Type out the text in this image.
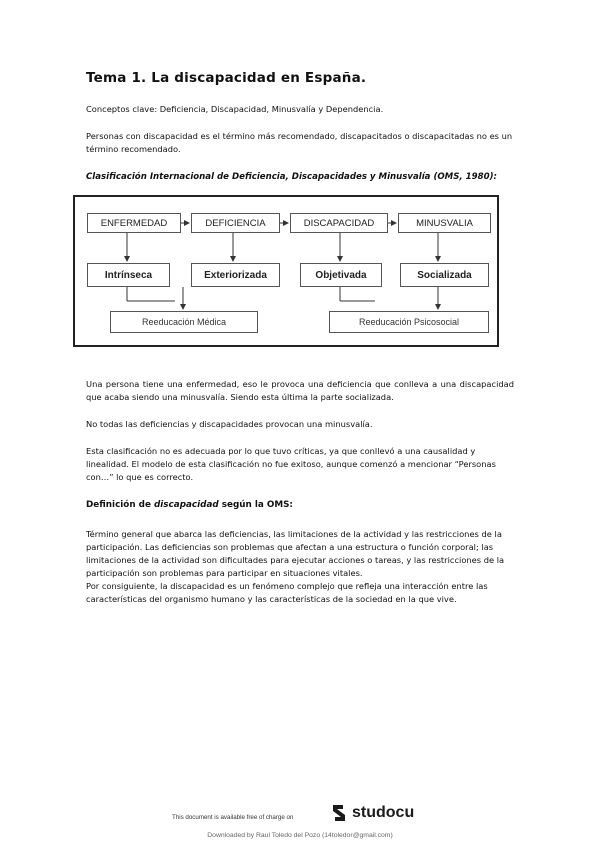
Tema 1. La discapacidad en España.
Conceptos clave: Deficiencia, Discapacidad, Minusvalía y Dependencia.
Personas con discapacidad es el término más recomendado, discapacitados o discapacitadas no es un término recomendado.
Clasificación Internacional de Deficiencia, Discapacidades y Minusvalía (OMS, 1980):
ENFERMEDAD	DEFICIENCIA	DISCAPACIDAD	MINUSVALIA
Intrínseca	Exteriorizada	Objetivada	Socializada
Reeducación Médica	Reeducación Psicosocial
Una persona tiene una enfermedad, eso le provoca una deficiencia que conlleva a una discapacidad que acaba siendo una minusvalía. Siendo esta última la parte socializada.
No todas las deficiencias y discapacidades provocan una minusvalía.
Esta clasificación no es adecuada por lo que tuvo críticas, ya que conllevó a una causalidad y linealidad. El modelo de esta clasificación no fue exitoso, aunque comenzó a mencionar “Personas con…” lo que es correcto.
Definición de discapacidad según la OMS:
Término general que abarca las deficiencias, las limitaciones de la actividad y las restricciones de la participación. Las deficiencias son problemas que afectan a una estructura o función corporal; las limitaciones de la actividad son dificultades para ejecutar acciones o tareas, y las restricciones de la participación son problemas para participar en situaciones vitales.
Por consiguiente, la discapacidad es un fenómeno complejo que refleja una interacción entre las características del organismo humano y las características de la sociedad en la que vive.
This document is available free of charge on	studocu
Downloaded by Raul Toledo del Pozo (14toledor@gmail.com)
